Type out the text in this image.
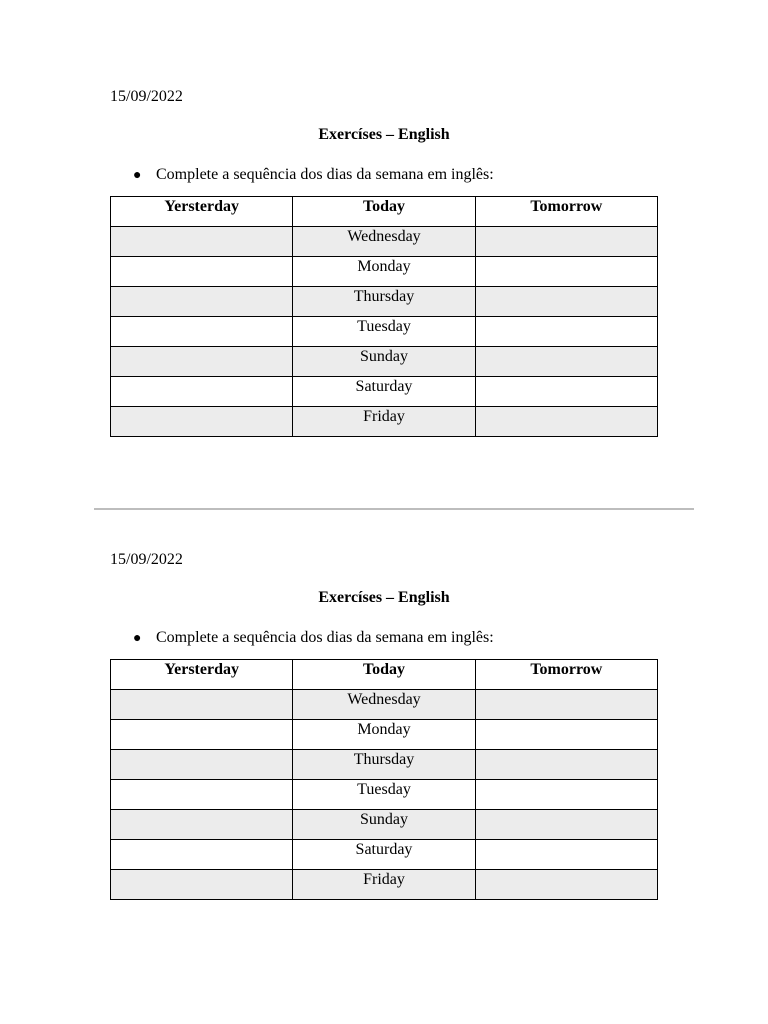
15/09/2022
Exercíses – English
● Complete a sequência dos dias da semana em inglês:
Yersterday	Today	Tomorrow
	Wednesday	
	Monday	
	Thursday	
	Tuesday	
	Sunday	
	Saturday	
	Friday	
15/09/2022
Exercíses – English
● Complete a sequência dos dias da semana em inglês:
Yersterday	Today	Tomorrow
	Wednesday	
	Monday	
	Thursday	
	Tuesday	
	Sunday	
	Saturday	
	Friday	
